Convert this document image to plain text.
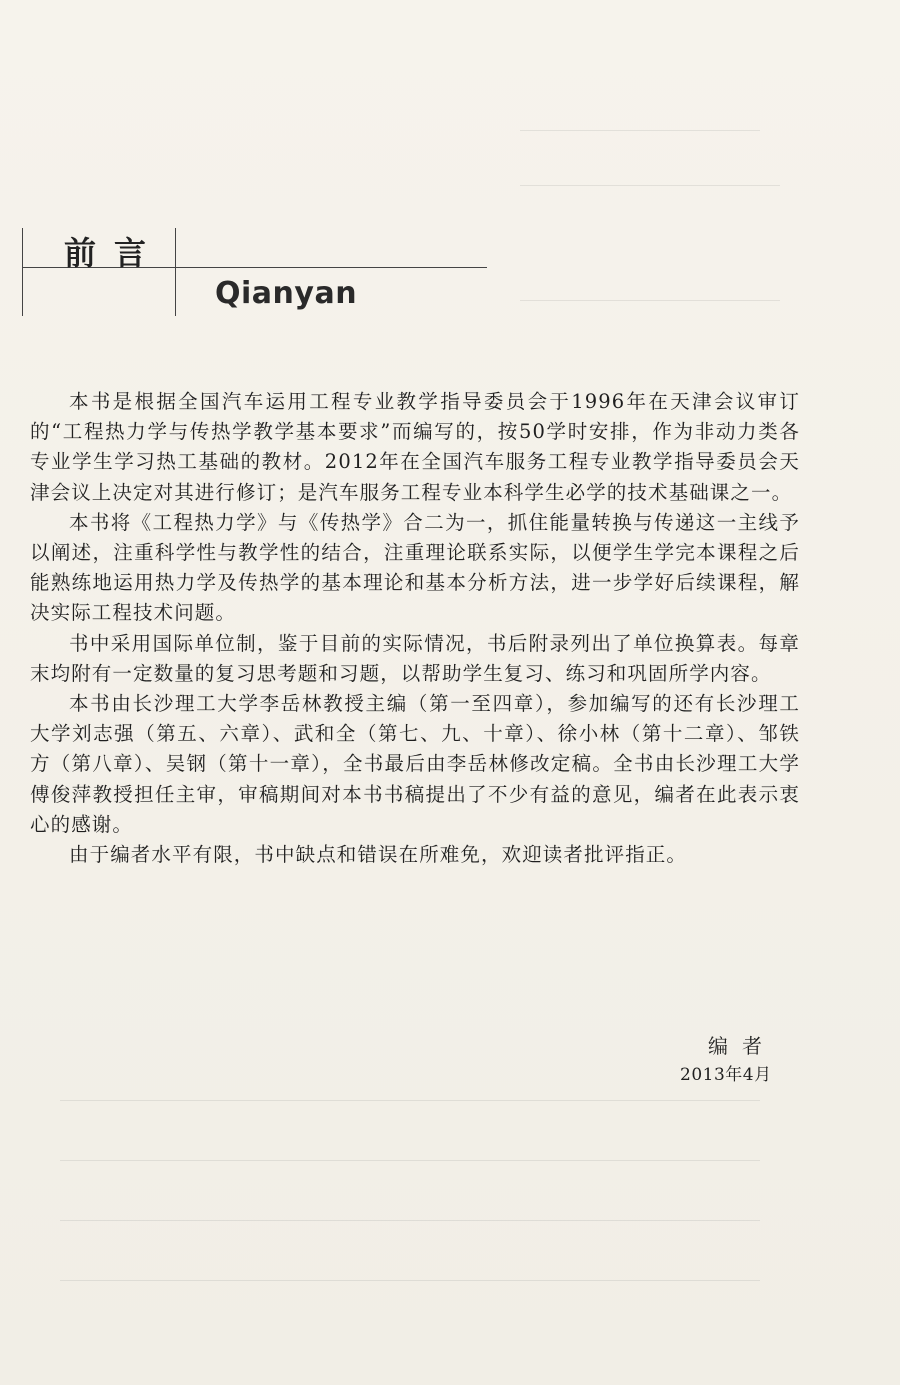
前言
Qianyan

本书是根据全国汽车运用工程专业教学指导委员会于1996年在天津会议审订的“工程热力学与传热学教学基本要求”而编写的，按50学时安排，作为非动力类各专业学生学习热工基础的教材。2012年在全国汽车服务工程专业教学指导委员会天津会议上决定对其进行修订；是汽车服务工程专业本科学生必学的技术基础课之一。

本书将《工程热力学》与《传热学》合二为一，抓住能量转换与传递这一主线予以阐述，注重科学性与教学性的结合，注重理论联系实际，以便学生学完本课程之后能熟练地运用热力学及传热学的基本理论和基本分析方法，进一步学好后续课程，解决实际工程技术问题。

书中采用国际单位制，鉴于目前的实际情况，书后附录列出了单位换算表。每章末均附有一定数量的复习思考题和习题，以帮助学生复习、练习和巩固所学内容。

本书由长沙理工大学李岳林教授主编（第一至四章），参加编写的还有长沙理工大学刘志强（第五、六章）、武和全（第七、九、十章）、徐小林（第十二章）、邹铁方（第八章）、吴钢（第十一章），全书最后由李岳林修改定稿。全书由长沙理工大学傅俊萍教授担任主审，审稿期间对本书书稿提出了不少有益的意见，编者在此表示衷心的感谢。

由于编者水平有限，书中缺点和错误在所难免，欢迎读者批评指正。

编者
2013年4月
